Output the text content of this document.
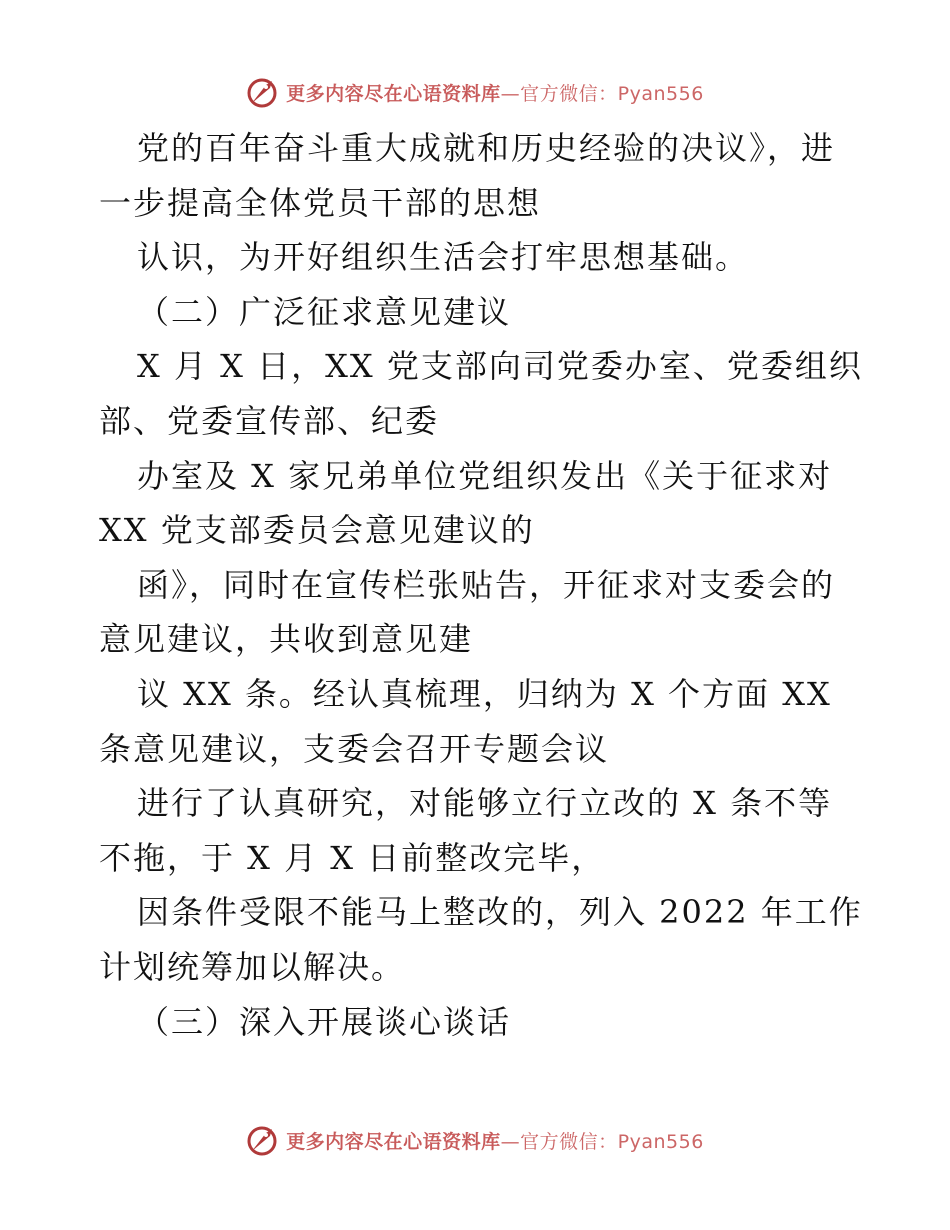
更多内容尽在心语资料库—官方微信：Pyan556
党的百年奋斗重大成就和历史经验的决议》，进
一步提高全体党员干部的思想
认识，为开好组织生活会打牢思想基础。
（二）广泛征求意见建议
X 月 X 日，XX 党支部向司党委办室、党委组织
部、党委宣传部、纪委
办室及 X 家兄弟单位党组织发出《关于征求对
XX 党支部委员会意见建议的
函》，同时在宣传栏张贴告，开征求对支委会的
意见建议，共收到意见建
议 XX 条。经认真梳理，归纳为 X 个方面 XX
条意见建议，支委会召开专题会议
进行了认真研究，对能够立行立改的 X 条不等
不拖，于 X 月 X 日前整改完毕，
因条件受限不能马上整改的，列入 2022 年工作
计划统筹加以解决。
（三）深入开展谈心谈话
更多内容尽在心语资料库—官方微信：Pyan556
